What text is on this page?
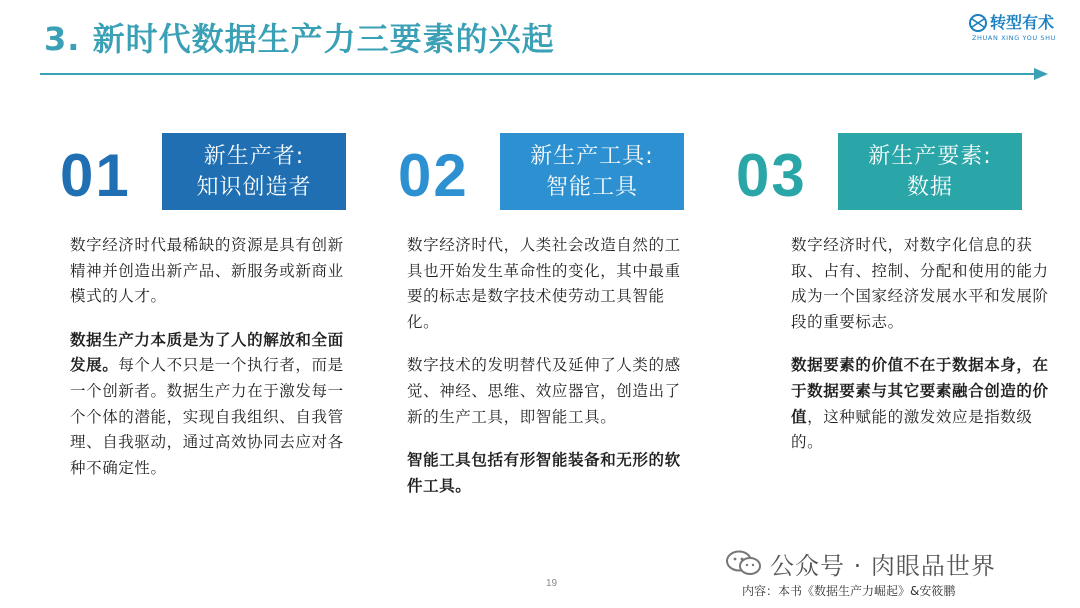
3. 新时代数据生产力三要素的兴起	转型有术
ZHUAN XING YOU SHU
01	新生产者:
知识创造者

数字经济时代最稀缺的资源是具有创新精神并创造出新产品、新服务或新商业模式的人才。

数据生产力本质是为了人的解放和全面发展。每个人不只是一个执行者，而是一个创新者。数据生产力在于激发每一个个体的潜能，实现自我组织、自我管理、自我驱动，通过高效协同去应对各种不确定性。

02	新生产工具:
智能工具

数字经济时代，人类社会改造自然的工具也开始发生革命性的变化，其中最重要的标志是数字技术使劳动工具智能化。

数字技术的发明替代及延伸了人类的感觉、神经、思维、效应器官，创造出了新的生产工具，即智能工具。

智能工具包括有形智能装备和无形的软件工具。

03	新生产要素:
数据

数字经济时代，对数字化信息的获取、占有、控制、分配和使用的能力成为一个国家经济发展水平和发展阶段的重要标志。

数据要素的价值不在于数据本身，在于数据要素与其它要素融合创造的价值，这种赋能的激发效应是指数级的。

19
公众号 · 肉眼品世界
内容：本书《数据生产力崛起》&安筱鹏
